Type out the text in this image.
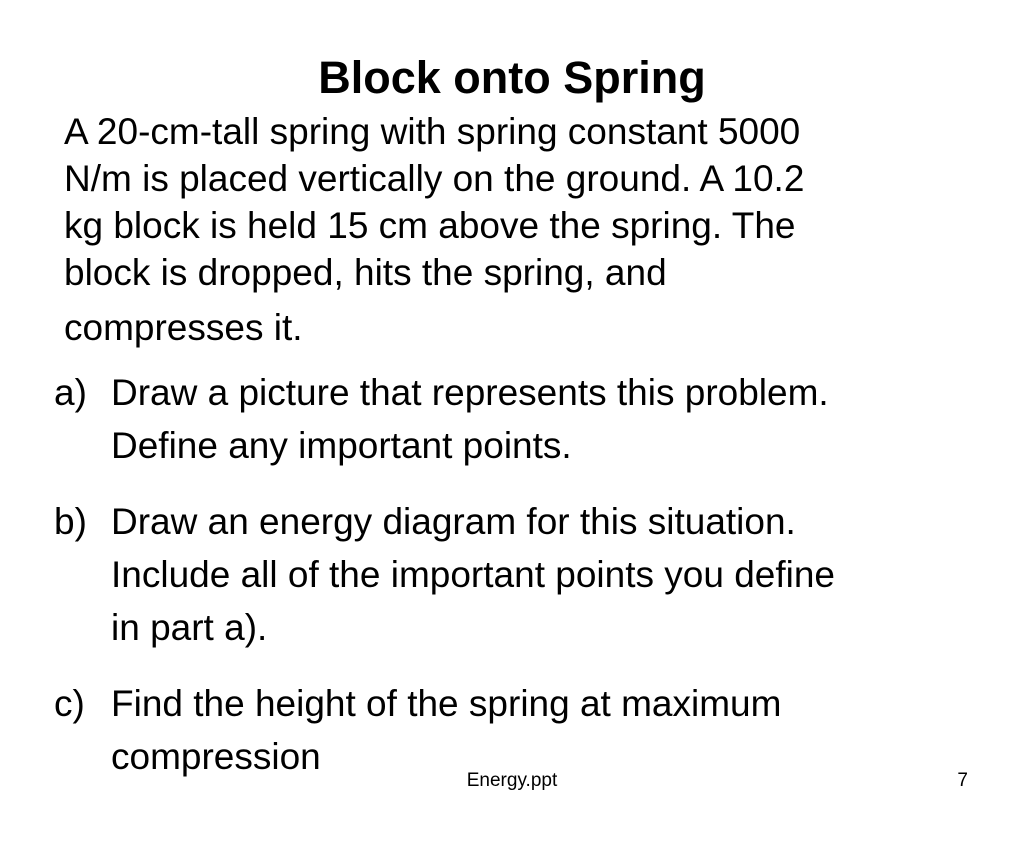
Block onto Spring
A 20-cm-tall spring with spring constant 5000
N/m is placed vertically on the ground. A 10.2
kg block is held 15 cm above the spring. The
block is dropped, hits the spring, and
compresses it.
a) Draw a picture that represents this problem.
Define any important points.
b) Draw an energy diagram for this situation.
Include all of the important points you define
in part a).
c) Find the height of the spring at maximum
compression
Energy.ppt	7
